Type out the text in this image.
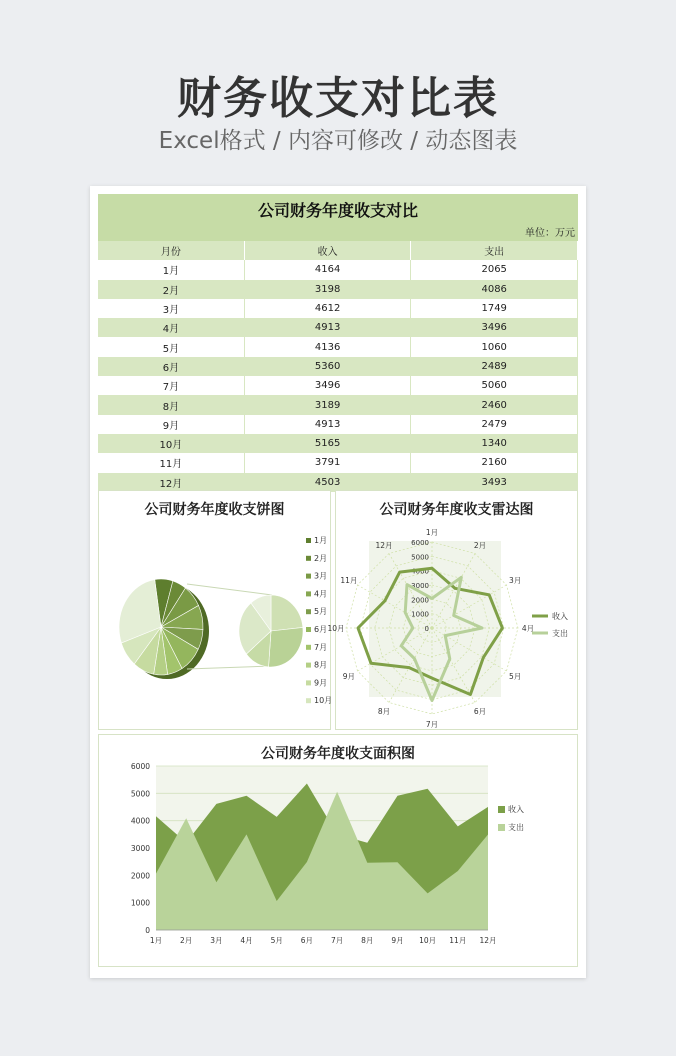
财务收支对比表
Excel格式 / 内容可修改 / 动态图表
公司财务年度收支对比
单位：万元
月份	收入	支出
1月	4164	2065
2月	3198	4086
3月	4612	1749
4月	4913	3496
5月	4136	1060
6月	5360	2489
7月	3496	5060
8月	3189	2460
9月	4913	2479
10月	5165	1340
11月	3791	2160
12月	4503	3493
公司财务年度收支饼图
1月
2月
3月
4月
5月
6月
7月
8月
9月
10月
公司财务年度收支雷达图
0
1000
2000
3000
4000
5000
6000
1月
2月
3月
4月
5月
6月
7月
8月
9月
10月
11月
12月
收入
支出
公司财务年度收支面积图
0
1000
2000
3000
4000
5000
6000
1月 2月 3月 4月 5月 6月 7月 8月 9月 10月 11月 12月
收入
支出
